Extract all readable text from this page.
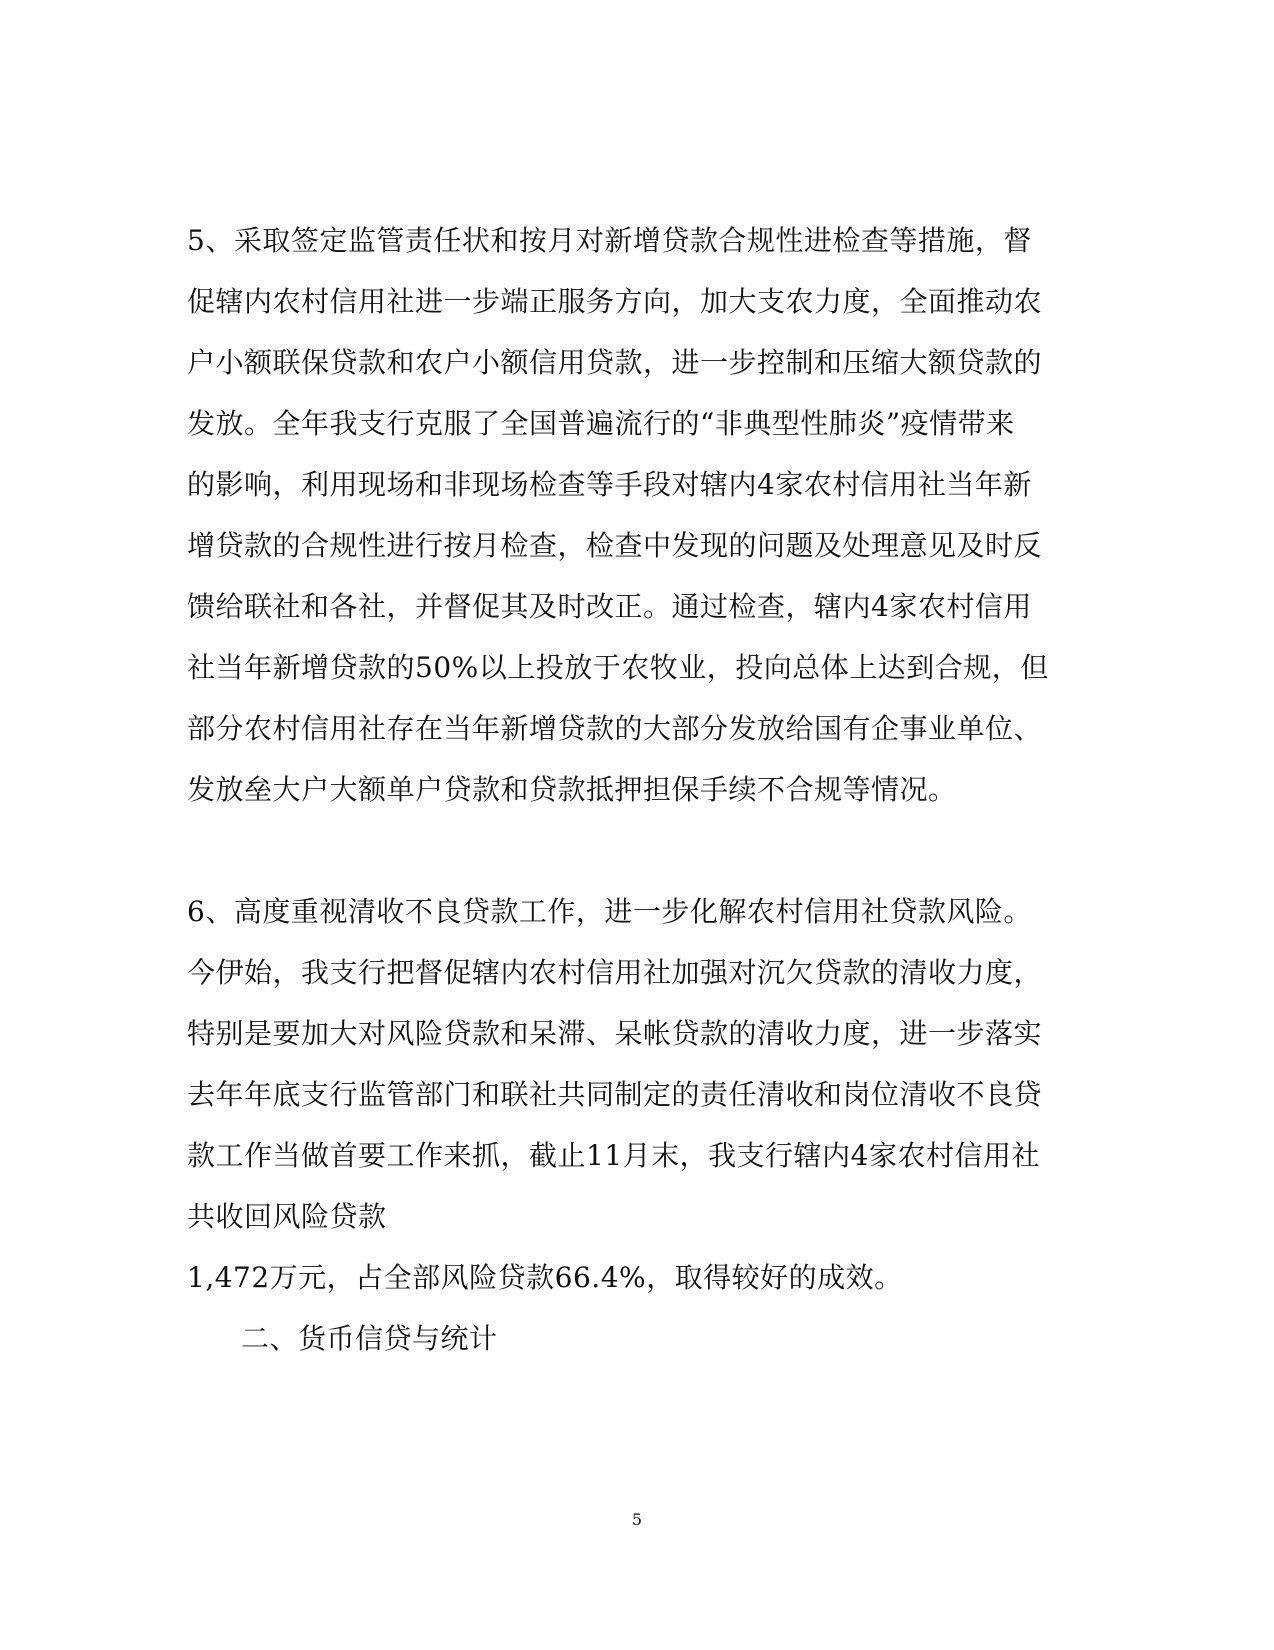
5、采取签定监管责任状和按月对新增贷款合规性进检查等措施，督
促辖内农村信用社进一步端正服务方向，加大支农力度，全面推动农
户小额联保贷款和农户小额信用贷款，进一步控制和压缩大额贷款的
发放。全年我支行克服了全国普遍流行的“非典型性肺炎”疫情带来
的影响，利用现场和非现场检查等手段对辖内4家农村信用社当年新
增贷款的合规性进行按月检查，检查中发现的问题及处理意见及时反
馈给联社和各社，并督促其及时改正。通过检查，辖内4家农村信用
社当年新增贷款的50%以上投放于农牧业，投向总体上达到合规，但
部分农村信用社存在当年新增贷款的大部分发放给国有企事业单位、
发放垒大户大额单户贷款和贷款抵押担保手续不合规等情况。
6、高度重视清收不良贷款工作，进一步化解农村信用社贷款风险。
今伊始，我支行把督促辖内农村信用社加强对沉欠贷款的清收力度，
特别是要加大对风险贷款和呆滞、呆帐贷款的清收力度，进一步落实
去年年底支行监管部门和联社共同制定的责任清收和岗位清收不良贷
款工作当做首要工作来抓，截止11月末，我支行辖内4家农村信用社
共收回风险贷款
1,472万元，占全部风险贷款66.4%，取得较好的成效。
二、货币信贷与统计
5
